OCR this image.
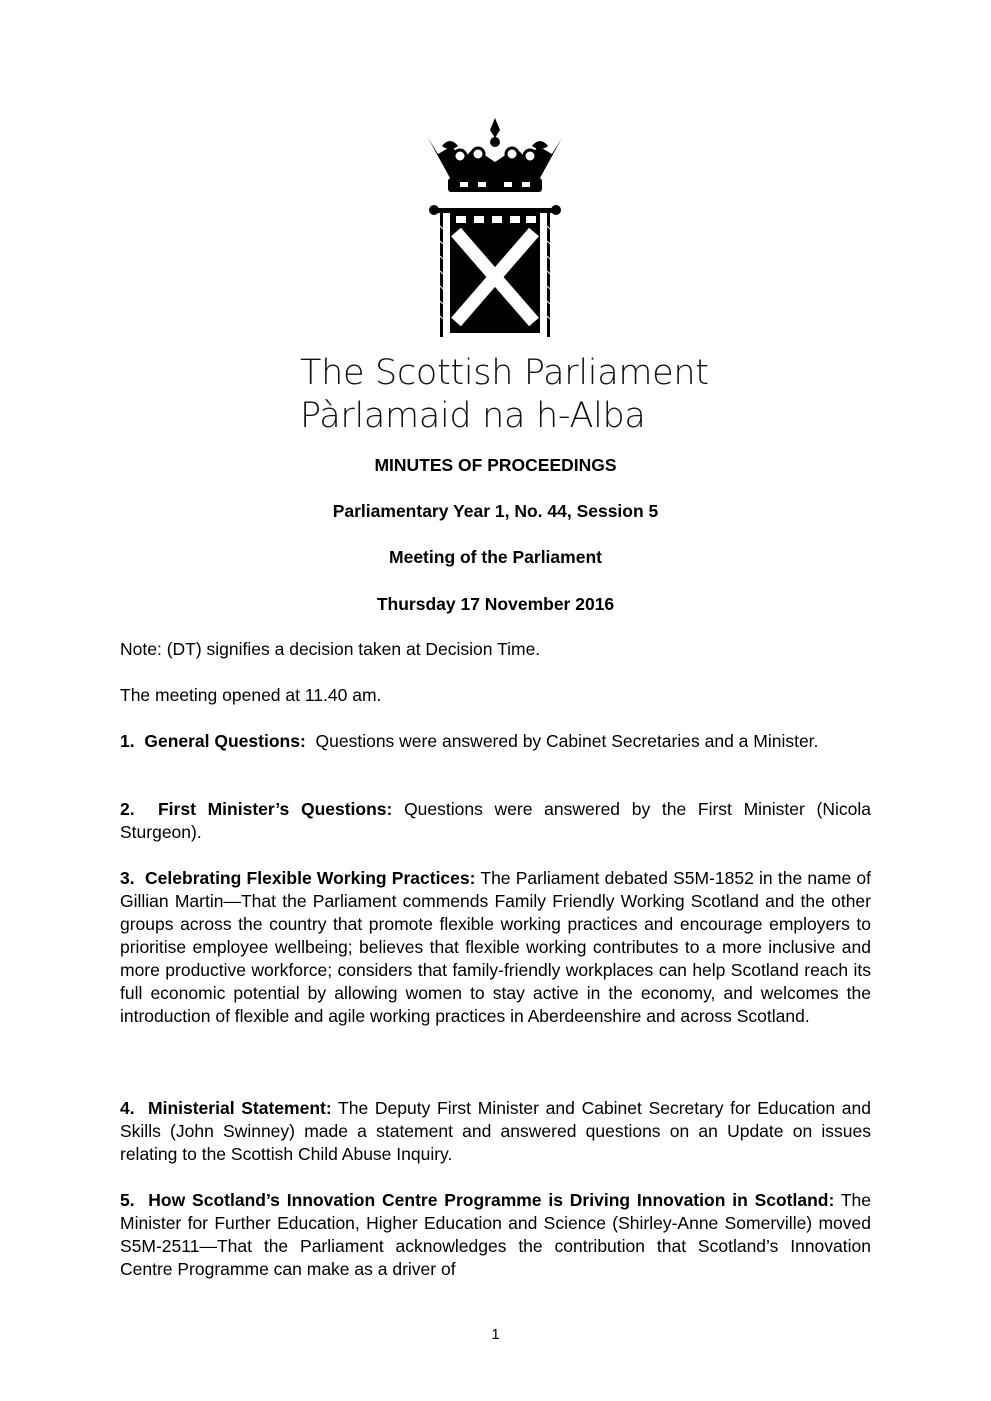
The Scottish Parliament
Pàrlamaid na h-Alba
MINUTES OF PROCEEDINGS
Parliamentary Year 1, No. 44, Session 5
Meeting of the Parliament
Thursday 17 November 2016
Note: (DT) signifies a decision taken at Decision Time.
The meeting opened at 11.40 am.
1. General Questions: Questions were answered by Cabinet Secretaries and a Minister.
2. First Minister’s Questions: Questions were answered by the First Minister (Nicola Sturgeon).
3. Celebrating Flexible Working Practices: The Parliament debated S5M-1852 in the name of Gillian Martin—That the Parliament commends Family Friendly Working Scotland and the other groups across the country that promote flexible working practices and encourage employers to prioritise employee wellbeing; believes that flexible working contributes to a more inclusive and more productive workforce; considers that family-friendly workplaces can help Scotland reach its full economic potential by allowing women to stay active in the economy, and welcomes the introduction of flexible and agile working practices in Aberdeenshire and across Scotland.
4. Ministerial Statement: The Deputy First Minister and Cabinet Secretary for Education and Skills (John Swinney) made a statement and answered questions on an Update on issues relating to the Scottish Child Abuse Inquiry.
5. How Scotland’s Innovation Centre Programme is Driving Innovation in Scotland: The Minister for Further Education, Higher Education and Science (Shirley-Anne Somerville) moved S5M-2511—That the Parliament acknowledges the contribution that Scotland’s Innovation Centre Programme can make as a driver of
1
